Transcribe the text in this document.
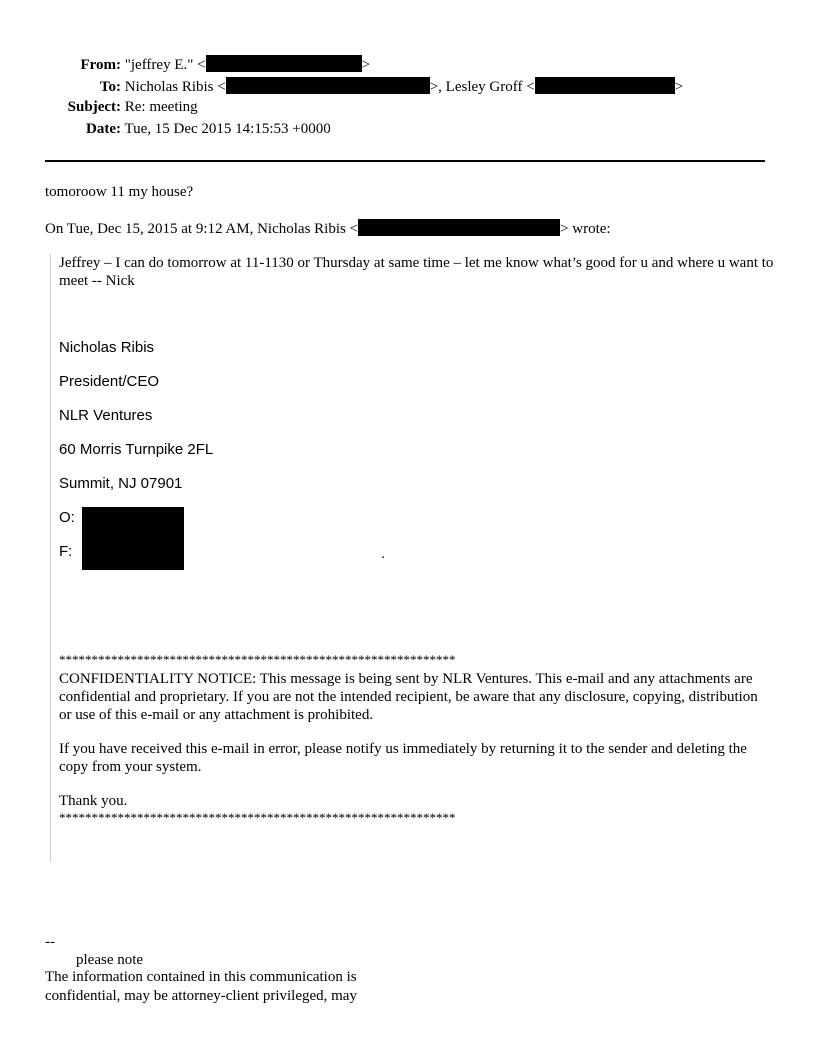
From: "jeffrey E." <	>
To: Nicholas Ribis <	>, Lesley Groff <	>
Subject: Re: meeting
Date: Tue, 15 Dec 2015 14:15:53 +0000
tomoroow 11 my house?
On Tue, Dec 15, 2015 at 9:12 AM, Nicholas Ribis <	> wrote:
Jeffrey – I can do tomorrow at 11-1130 or Thursday at same time – let me know what’s good for u and where u want to meet -- Nick
Nicholas Ribis
President/CEO
NLR Ventures
60 Morris Turnpike 2FL
Summit, NJ 07901
O:
F:	.
*************************************************************
CONFIDENTIALITY NOTICE: This message is being sent by NLR Ventures. This e-mail and any attachments are confidential and proprietary. If you are not the intended recipient, be aware that any disclosure, copying, distribution or use of this e-mail or any attachment is prohibited.
If you have received this e-mail in error, please notify us immediately by returning it to the sender and deleting the copy from your system.
Thank you.
*************************************************************
--
please note
The information contained in this communication is
confidential, may be attorney-client privileged, may
